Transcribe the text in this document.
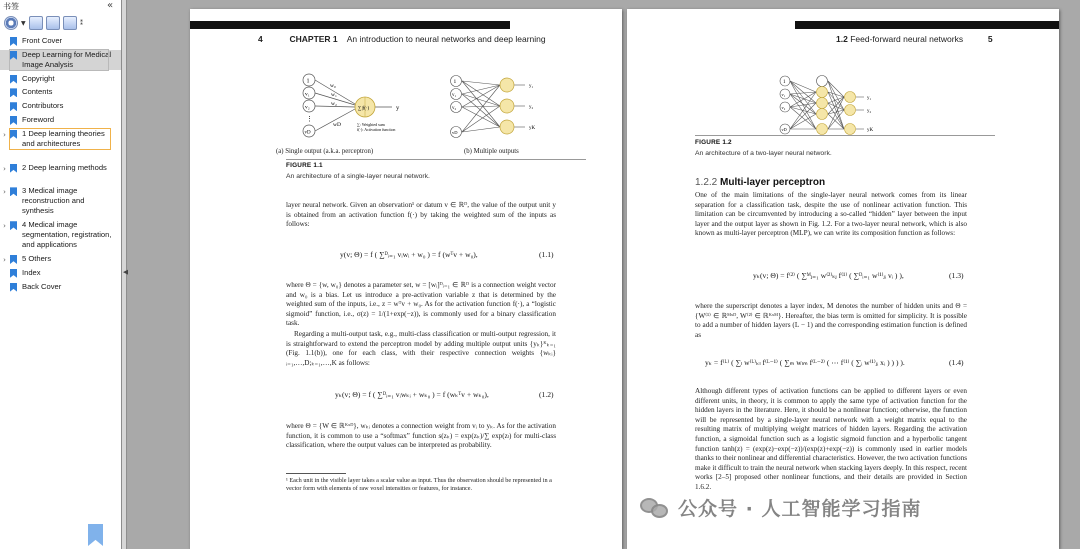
书签	«
▼	⁑
Front Cover
Deep Learning for Medical Image Analysis
Copyright
Contents
Contributors
Foreword
›	1 Deep learning theories and architectures
›	2 Deep learning methods
›	3 Medical image reconstruction and synthesis
›	4 Medical image segmentation, registration, and applications
›	5 Others
Index
Back Cover
◀
4	CHAPTER 1 An introduction to neural networks and deep learning
1
v₁
v₂
⋮
vD
w₀
w₁
w₂
wD
∑|f(·)	y
∑: Weighted sum
f(·): Activation function
(a) Single output (a.k.a. perceptron)
1
v₁
v₂
vD
y₁
y₂
yK
(b) Multiple outputs
FIGURE 1.1
An architecture of a single-layer neural network.
layer neural network. Given an observation¹ or datum v ∈ ℝᴰ, the value of the output unit y is obtained from an activation function f(·) by taking the weighted sum of the inputs as follows:
y(v; Θ) = f ( ∑ᴰᵢ₌₁ vᵢwᵢ + w₀ ) = f (wᵀv + w₀),	(1.1)
where Θ = {w, w₀} denotes a parameter set, w = [wᵢ]ᴰᵢ₌₁ ∈ ℝᴰ is a connection weight vector and w₀ is a bias. Let us introduce a pre-activation variable z that is determined by the weighted sum of the inputs, i.e., z = wᵀv + w₀. As for the activation function f(·), a “logistic sigmoid” function, i.e., σ(z) = 1/(1+exp(−z)), is commonly used for a binary classification task.
Regarding a multi-output task, e.g., multi-class classification or multi-output regression, it is straightforward to extend the perceptron model by adding multiple output units {yₖ}ᴷₖ₌₁ (Fig. 1.1(b)), one for each class, with their respective connection weights {wₖᵢ}ᵢ₌₁,…,D;ₖ₌₁,…,K as follows:
yₖ(v; Θ) = f ( ∑ᴰᵢ₌₁ vᵢwₖᵢ + wₖ₀ ) = f (wₖᵀv + wₖ₀),	(1.2)
where Θ = {W ∈ ℝᴷˣᴰ}, wₖᵢ denotes a connection weight from vᵢ to yₖ. As for the activation function, it is common to use a “softmax” function s(zₖ) = exp(zₖ)/∑ exp(zₗ) for multi-class classification, where the output values can be interpreted as probability.
¹ Each unit in the visible layer takes a scalar value as input. Thus the observation should be represented in a vector form with elements of raw voxel intensities or features, for instance.
1.2 Feed-forward neural networks	5
1
v₁
v₂
vD
y₁
y₂
yK
FIGURE 1.2
An architecture of a two-layer neural network.
1.2.2 Multi-layer perceptron
One of the main limitations of the single-layer neural network comes from its linear separation for a classification task, despite the use of nonlinear activation function. This limitation can be circumvented by introducing a so-called “hidden” layer between the input layer and the output layer as shown in Fig. 1.2. For a two-layer neural network, which is also known as multi-layer perceptron (MLP), we can write its composition function as follows:
yₖ(v; Θ) = f⁽²⁾ ( ∑ᴹⱼ₌₁ w⁽²⁾ₖⱼ f⁽¹⁾ ( ∑ᴰᵢ₌₁ w⁽¹⁾ⱼᵢ vᵢ ) ),	(1.3)
where the superscript denotes a layer index, M denotes the number of hidden units and Θ = {W⁽¹⁾ ∈ ℝᴹˣᴰ, W⁽²⁾ ∈ ℝᴷˣᴹ}. Hereafter, the bias term is omitted for simplicity. It is possible to add a number of hidden layers (L − 1) and the corresponding estimation function is defined as
yₖ = f⁽ᴸ⁾ ( ∑ₗ w⁽ᴸ⁾ₖₗ f⁽ᴸ⁻¹⁾ ( ∑ₘ wₗₘ f⁽ᴸ⁻²⁾ ( ⋯ f⁽¹⁾ ( ∑ᵢ w⁽¹⁾ⱼᵢ xᵢ ) ) ) ).	(1.4)
Although different types of activation functions can be applied to different layers or even different units, in theory, it is common to apply the same type of activation function for the hidden layers in the literature. Here, it should be a nonlinear function; otherwise, the function will be represented by a single-layer neural network with a weight matrix equal to the resulting matrix of multiplying weight matrices of hidden layers. Regarding the activation function, a sigmoidal function such as a logistic sigmoid function and a hyperbolic tangent function tanh(z) = (exp(z)−exp(−z))/(exp(z)+exp(−z)) is commonly used in earlier models thanks to their nonlinear and differential characteristics. However, the two activation functions make it difficult to train the neural network when stacking layers deeply. In this respect, recent works [2–5] proposed other nonlinear functions, and their details are provided in Section 1.6.2.
公众号 · 人工智能学习指南
